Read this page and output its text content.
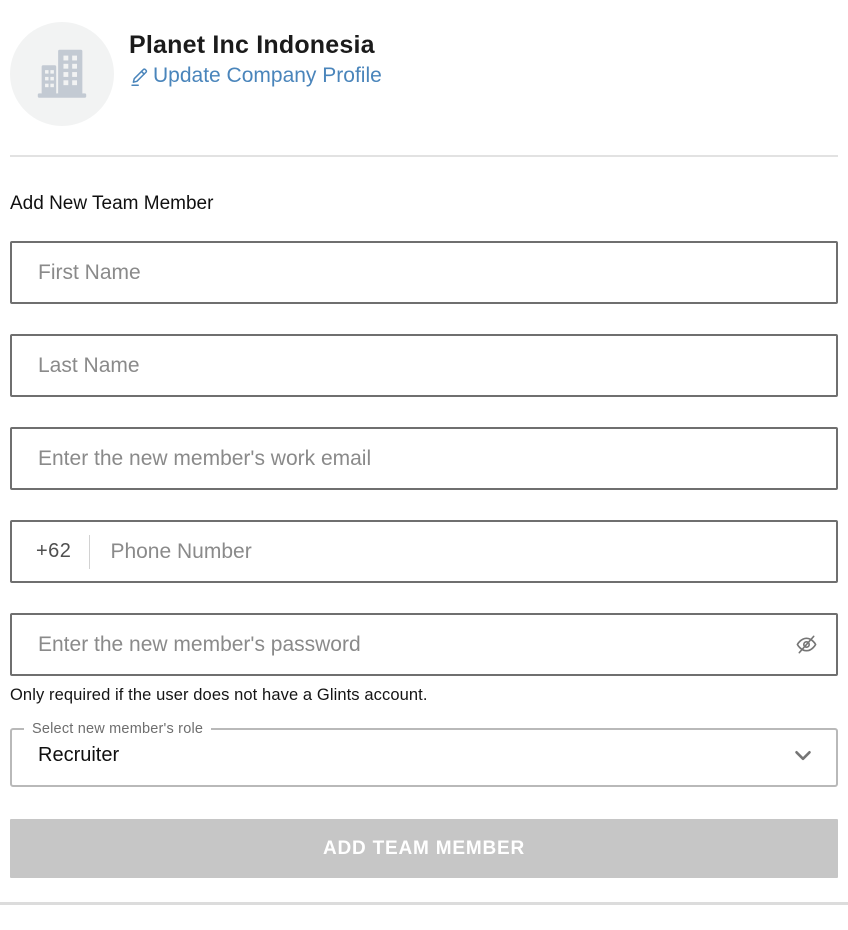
Planet Inc Indonesia
Update Company Profile
Add New Team Member
First Name
Last Name
Enter the new member's work email
+62
Phone Number
Enter the new member's password

Only required if the user does not have a Glints account.

Select new member's role
Recruiter
ADD TEAM MEMBER
